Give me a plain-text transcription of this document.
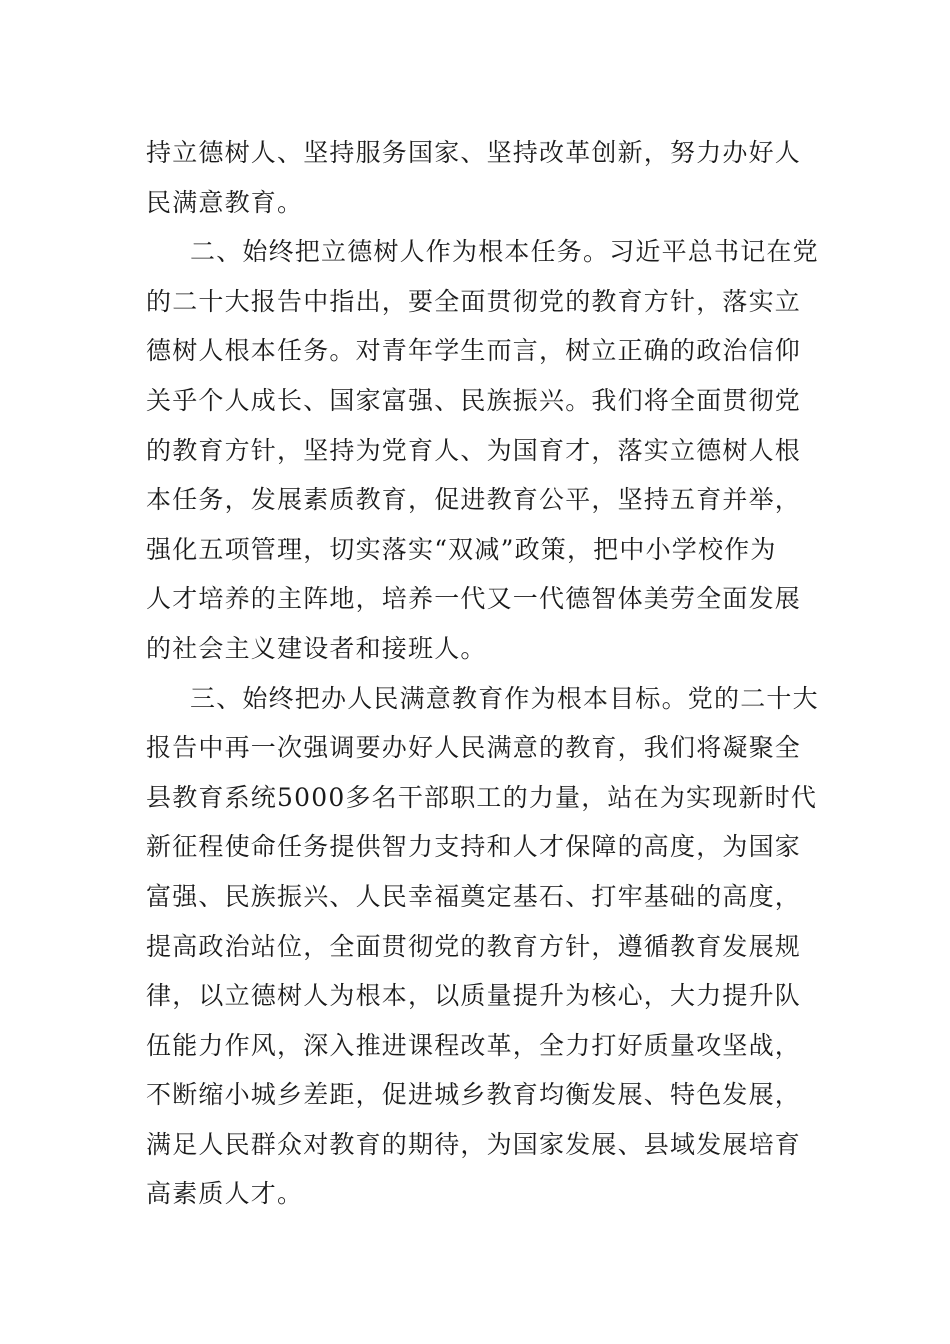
持立德树人、坚持服务国家、坚持改革创新，努力办好人
民满意教育。
二、始终把立德树人作为根本任务。习近平总书记在党
的二十大报告中指出，要全面贯彻党的教育方针，落实立
德树人根本任务。对青年学生而言，树立正确的政治信仰
关乎个人成长、国家富强、民族振兴。我们将全面贯彻党
的教育方针，坚持为党育人、为国育才，落实立德树人根
本任务，发展素质教育，促进教育公平，坚持五育并举，
强化五项管理，切实落实“双减”政策，把中小学校作为
人才培养的主阵地，培养一代又一代德智体美劳全面发展
的社会主义建设者和接班人。
三、始终把办人民满意教育作为根本目标。党的二十大
报告中再一次强调要办好人民满意的教育，我们将凝聚全
县教育系统5000多名干部职工的力量，站在为实现新时代
新征程使命任务提供智力支持和人才保障的高度，为国家
富强、民族振兴、人民幸福奠定基石、打牢基础的高度，
提高政治站位，全面贯彻党的教育方针，遵循教育发展规
律，以立德树人为根本，以质量提升为核心，大力提升队
伍能力作风，深入推进课程改革，全力打好质量攻坚战，
不断缩小城乡差距，促进城乡教育均衡发展、特色发展，
满足人民群众对教育的期待，为国家发展、县域发展培育
高素质人才。
